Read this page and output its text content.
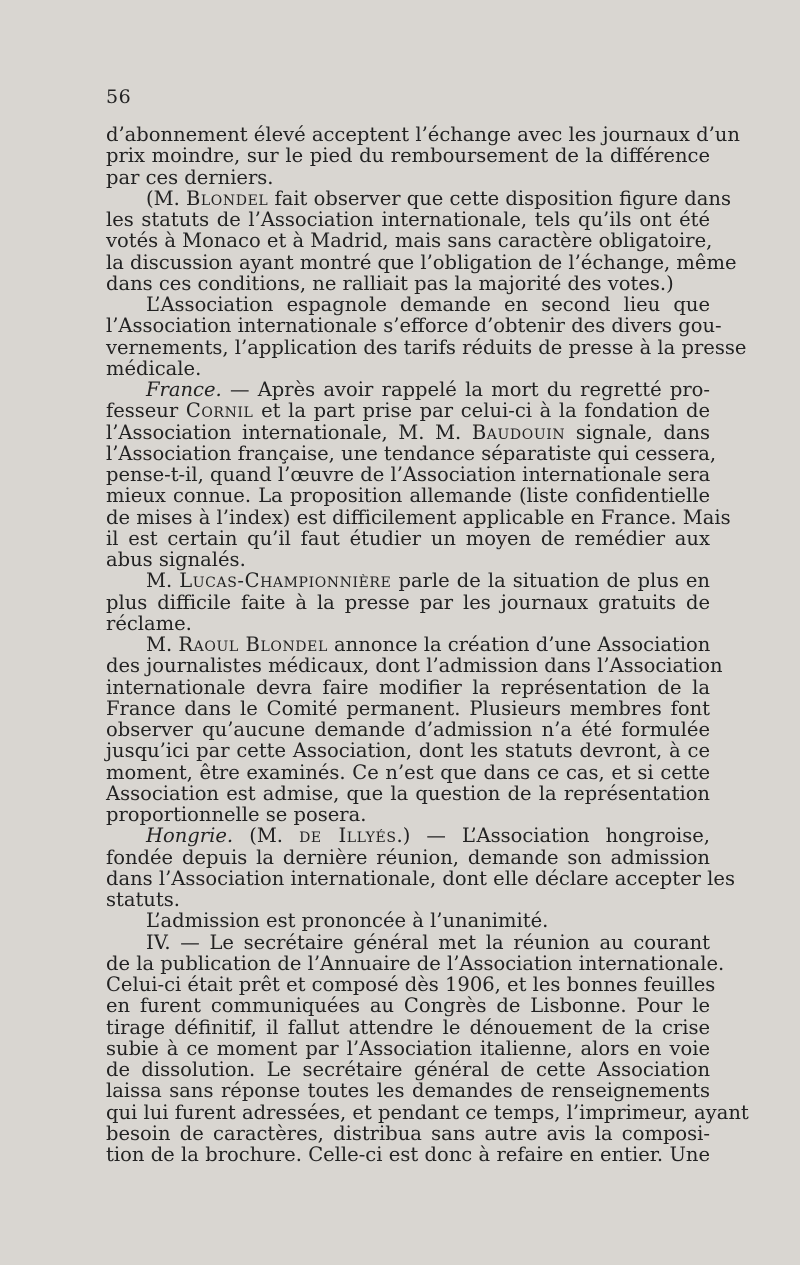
56
d’abonnement élevé acceptent l’échange avec les journaux d’un
prix moindre, sur le pied du remboursement de la différence
par ces derniers.
(M. Blondel fait observer que cette disposition figure dans
les statuts de l’Association internationale, tels qu’ils ont été
votés à Monaco et à Madrid, mais sans caractère obligatoire,
la discussion ayant montré que l’obligation de l’échange, même
dans ces conditions, ne ralliait pas la majorité des votes.)
L’Association espagnole demande en second lieu que
l’Association internationale s’efforce d’obtenir des divers gou-
vernements, l’application des tarifs réduits de presse à la presse
médicale.
France. — Après avoir rappelé la mort du regretté pro-
fesseur Cornil et la part prise par celui-ci à la fondation de
l’Association internationale, M. M. Baudouin signale, dans
l’Association française, une tendance séparatiste qui cessera,
pense-t-il, quand l’œuvre de l’Association internationale sera
mieux connue. La proposition allemande (liste confidentielle
de mises à l’index) est difficilement applicable en France. Mais
il est certain qu’il faut étudier un moyen de remédier aux
abus signalés.
M. Lucas-Championnière parle de la situation de plus en
plus difficile faite à la presse par les journaux gratuits de
réclame.
M. Raoul Blondel annonce la création d’une Association
des journalistes médicaux, dont l’admission dans l’Association
internationale devra faire modifier la représentation de la
France dans le Comité permanent. Plusieurs membres font
observer qu’aucune demande d’admission n’a été formulée
jusqu’ici par cette Association, dont les statuts devront, à ce
moment, être examinés. Ce n’est que dans ce cas, et si cette
Association est admise, que la question de la représentation
proportionnelle se posera.
Hongrie. (M. de Illyés.) — L’Association hongroise,
fondée depuis la dernière réunion, demande son admission
dans l’Association internationale, dont elle déclare accepter les
statuts.
L’admission est prononcée à l’unanimité.
IV. — Le secrétaire général met la réunion au courant
de la publication de l’Annuaire de l’Association internationale.
Celui-ci était prêt et composé dès 1906, et les bonnes feuilles
en furent communiquées au Congrès de Lisbonne. Pour le
tirage définitif, il fallut attendre le dénouement de la crise
subie à ce moment par l’Association italienne, alors en voie
de dissolution. Le secrétaire général de cette Association
laissa sans réponse toutes les demandes de renseignements
qui lui furent adressées, et pendant ce temps, l’imprimeur, ayant
besoin de caractères, distribua sans autre avis la composi-
tion de la brochure. Celle-ci est donc à refaire en entier. Une
